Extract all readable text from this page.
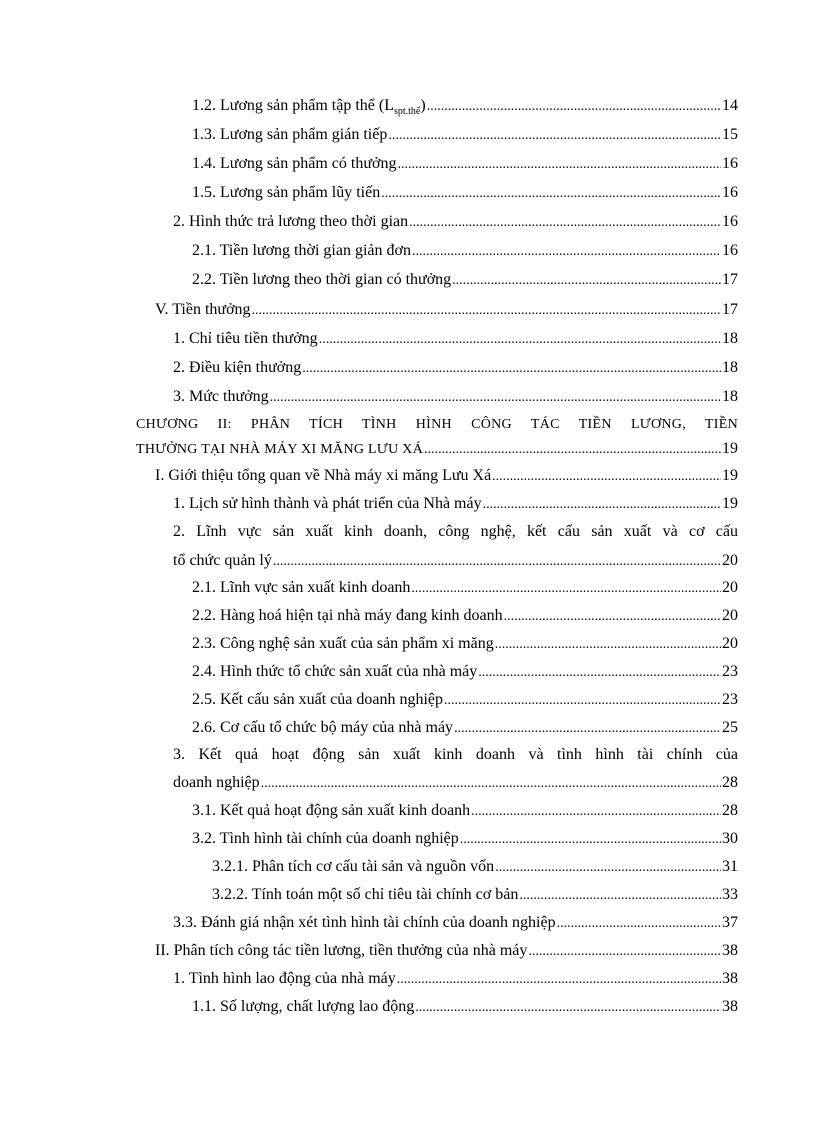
1.2. Lương sản phẩm tập thể $(L_{spt.thể})$ .....	14
1.3. Lương sản phẩm gián tiếp .....	15
1.4. Lương sản phẩm có thưởng .....	16
1.5. Lương sản phẩm lũy tiến .....	16
2. Hình thức trả lương theo thời gian .....	16
2.1. Tiền lương thời gian giản đơn .....	16
2.2. Tiền lương theo thời gian có thưởng .....	17
V. Tiền thưởng .....	17
1. Chỉ tiêu tiền thưởng .....	18
2. Điều kiện thưởng .....	18
3. Mức thưởng .....	18
CHƯƠNG II: PHÂN TÍCH TÌNH HÌNH CÔNG TÁC TIỀN LƯƠNG, TIỀN
THƯỞNG TẠI NHÀ MÁY XI MĂNG LƯU XÁ .....	19
I. Giới thiệu tổng quan về Nhà máy xi măng Lưu Xá .....	19
1. Lịch sử hình thành và phát triển của Nhà máy .....	19
2. Lĩnh vực sản xuất kinh doanh, công nghệ, kết cấu sản xuất và cơ cấu
tổ chức quản lý .....	20
2.1. Lĩnh vực sản xuất kinh doanh .....	20
2.2. Hàng hoá hiện tại nhà máy đang kinh doanh .....	20
2.3. Công nghệ sản xuất của sản phẩm xi măng .....	20
2.4. Hình thức tổ chức sản xuất của nhà máy .....	23
2.5. Kết cấu sản xuất của doanh nghiệp .....	23
2.6. Cơ cấu tổ chức bộ máy của nhà máy .....	25
3. Kết quả hoạt động sản xuất kinh doanh và tình hình tài chính của
doanh nghiệp .....	28
3.1. Kết quả hoạt động sản xuất kinh doanh .....	28
3.2. Tình hình tài chính của doanh nghiệp .....	30
3.2.1. Phân tích cơ cấu tài sản và nguồn vốn .....	31
3.2.2. Tính toán một số chỉ tiêu tài chính cơ bản .....	33
3.3. Đánh giá nhận xét tình hình tài chính của doanh nghiệp .....	37
II. Phân tích công tác tiền lương, tiền thưởng của nhà máy .....	38
1. Tình hình lao động của nhà máy .....	38
1.1. Số lượng, chất lượng lao động .....	38
